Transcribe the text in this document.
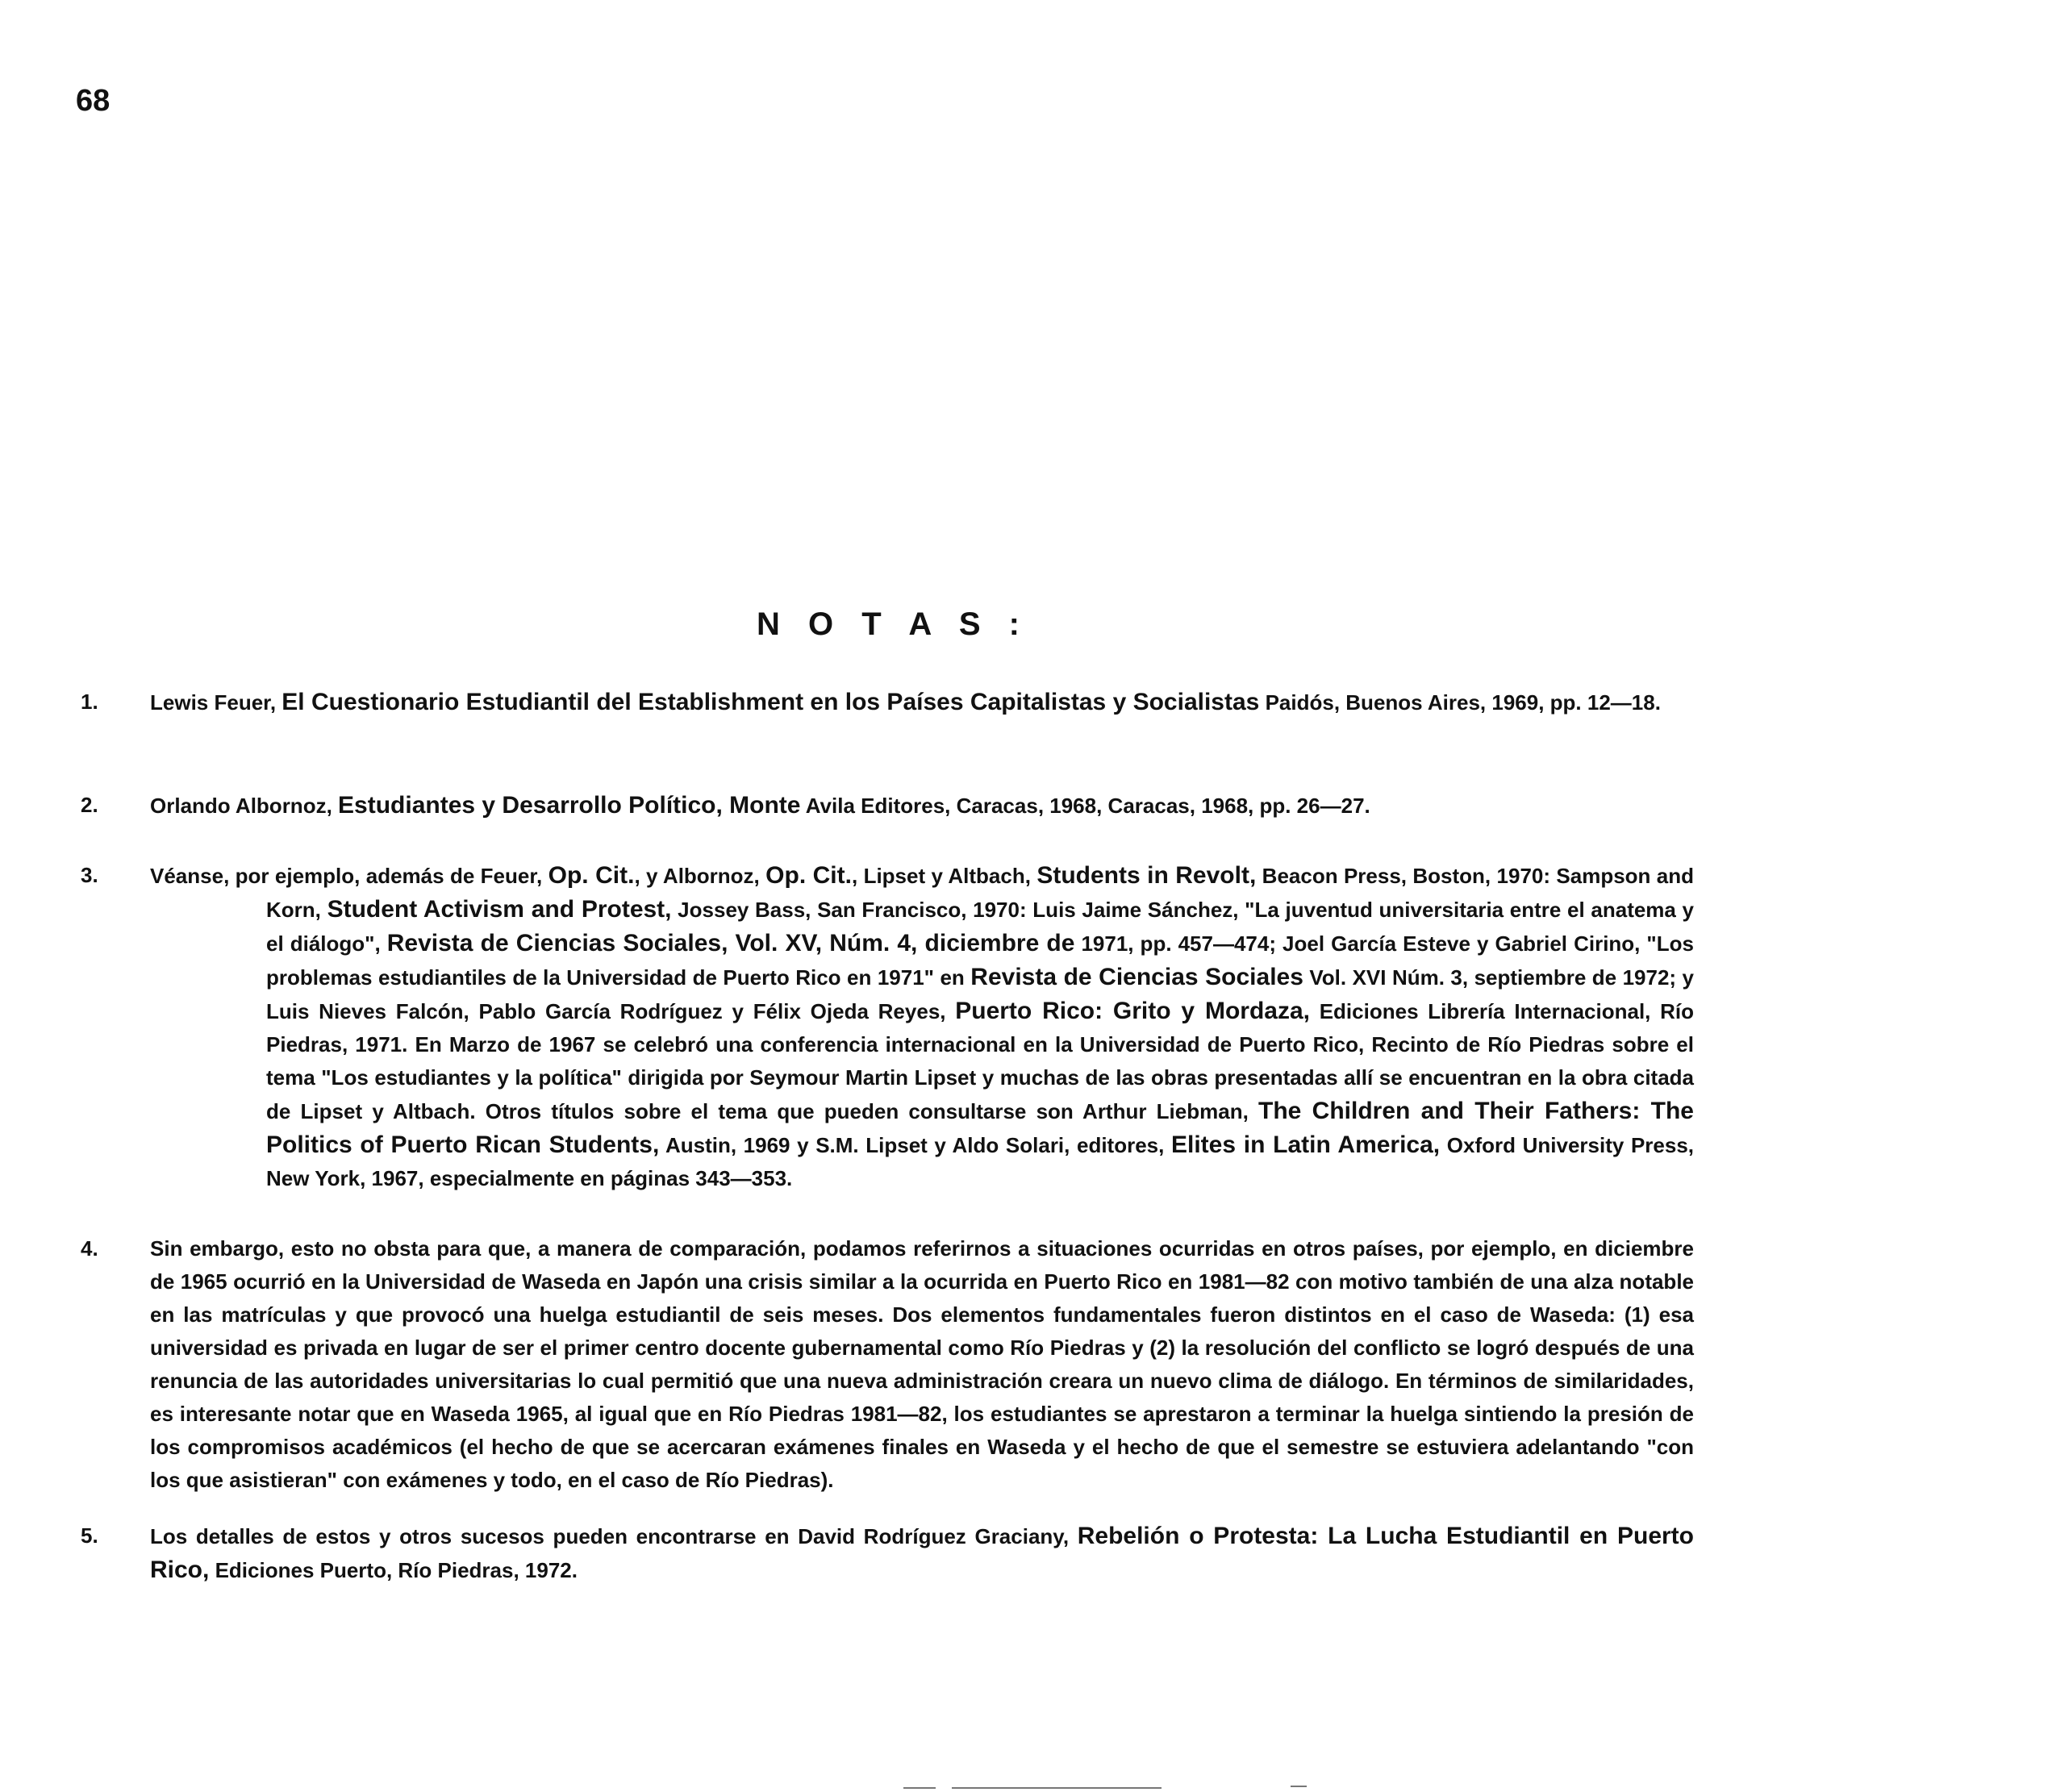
68
N O T A S :
1.	Lewis Feuer, El Cuestionario Estudiantil del Establishment en los Países Capitalistas y Socialistas Paidós, Buenos Aires, 1969, pp. 12—18.
2.	Orlando Albornoz, Estudiantes y Desarrollo Político, Monte Avila Editores, Caracas, 1968, Caracas, 1968, pp. 26—27.
3.	Véanse, por ejemplo, además de Feuer, Op. Cit., y Albornoz, Op. Cit., Lipset y Altbach, Students in Revolt, Beacon Press, Boston, 1970: Sampson and Korn, Student Activism and Protest, Jossey Bass, San Francisco, 1970: Luis Jaime Sánchez, "La juventud universitaria entre el anatema y el diálogo", Revista de Ciencias Sociales, Vol. XV, Núm. 4, diciembre de 1971, pp. 457—474; Joel García Esteve y Gabriel Cirino, "Los problemas estudiantiles de la Universidad de Puerto Rico en 1971" en Revista de Ciencias Sociales Vol. XVI Núm. 3, septiembre de 1972; y Luis Nieves Falcón, Pablo García Rodríguez y Félix Ojeda Reyes, Puerto Rico: Grito y Mordaza, Ediciones Librería Internacional, Río Piedras, 1971. En Marzo de 1967 se celebró una conferencia internacional en la Universidad de Puerto Rico, Recinto de Río Piedras sobre el tema "Los estudiantes y la política" dirigida por Seymour Martin Lipset y muchas de las obras presentadas allí se encuentran en la obra citada de Lipset y Altbach. Otros títulos sobre el tema que pueden consultarse son Arthur Liebman, The Children and Their Fathers: The Politics of Puerto Rican Students, Austin, 1969 y S.M. Lipset y Aldo Solari, editores, Elites in Latin America, Oxford University Press, New York, 1967, especialmente en páginas 343—353.
4.	Sin embargo, esto no obsta para que, a manera de comparación, podamos referirnos a situaciones ocurridas en otros países, por ejemplo, en diciembre de 1965 ocurrió en la Universidad de Waseda en Japón una crisis similar a la ocurrida en Puerto Rico en 1981—82 con motivo también de una alza notable en las matrículas y que provocó una huelga estudiantil de seis meses. Dos elementos fundamentales fueron distintos en el caso de Waseda: (1) esa universidad es privada en lugar de ser el primer centro docente gubernamental como Río Piedras y (2) la resolución del conflicto se logró después de una renuncia de las autoridades universitarias lo cual permitió que una nueva administración creara un nuevo clima de diálogo. En términos de similaridades, es interesante notar que en Waseda 1965, al igual que en Río Piedras 1981—82, los estudiantes se aprestaron a terminar la huelga sintiendo la presión de los compromisos académicos (el hecho de que se acercaran exámenes finales en Waseda y el hecho de que el semestre se estuviera adelantando "con los que asistieran" con exámenes y todo, en el caso de Río Piedras).
5.	Los detalles de estos y otros sucesos pueden encontrarse en David Rodríguez Graciany, Rebelión o Protesta: La Lucha Estudiantil en Puerto Rico, Ediciones Puerto, Río Piedras, 1972.
